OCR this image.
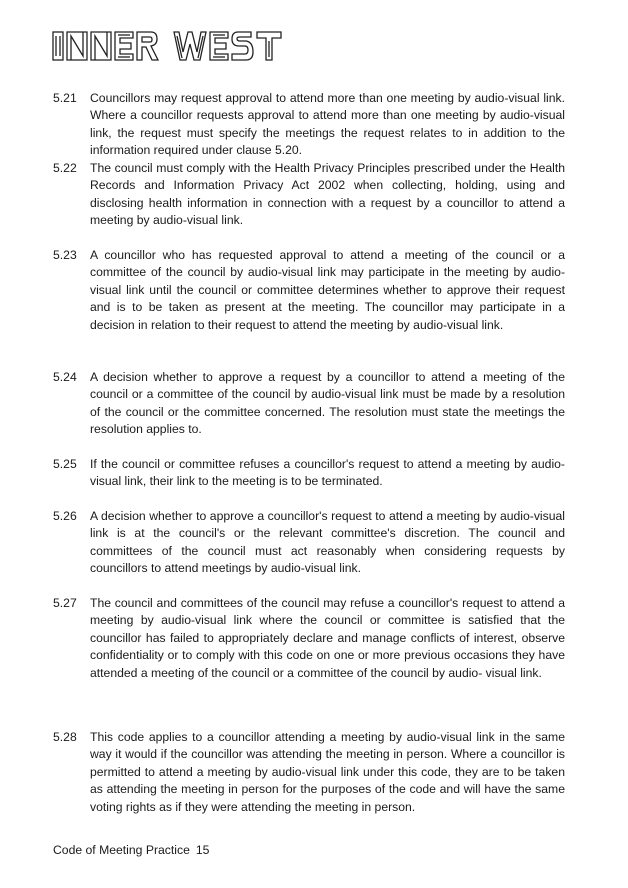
5.21	Councillors may request approval to attend more than one meeting by audio-visual link. Where a councillor requests approval to attend more than one meeting by audio-visual link, the request must specify the meetings the request relates to in addition to the information required under clause 5.20.
5.22	The council must comply with the Health Privacy Principles prescribed under the Health Records and Information Privacy Act 2002 when collecting, holding, using and disclosing health information in connection with a request by a councillor to attend a meeting by audio-visual link.
5.23	A councillor who has requested approval to attend a meeting of the council or a committee of the council by audio-visual link may participate in the meeting by audio-visual link until the council or committee determines whether to approve their request and is to be taken as present at the meeting. The councillor may participate in a decision in relation to their request to attend the meeting by audio-visual link.
5.24	A decision whether to approve a request by a councillor to attend a meeting of the council or a committee of the council by audio-visual link must be made by a resolution of the council or the committee concerned. The resolution must state the meetings the resolution applies to.
5.25	If the council or committee refuses a councillor's request to attend a meeting by audio-visual link, their link to the meeting is to be terminated.
5.26	A decision whether to approve a councillor's request to attend a meeting by audio-visual link is at the council's or the relevant committee's discretion. The council and committees of the council must act reasonably when considering requests by councillors to attend meetings by audio-visual link.
5.27	The council and committees of the council may refuse a councillor's request to attend a meeting by audio-visual link where the council or committee is satisfied that the councillor has failed to appropriately declare and manage conflicts of interest, observe confidentiality or to comply with this code on one or more previous occasions they have attended a meeting of the council or a committee of the council by audio- visual link.
5.28	This code applies to a councillor attending a meeting by audio-visual link in the same way it would if the councillor was attending the meeting in person. Where a councillor is permitted to attend a meeting by audio-visual link under this code, they are to be taken as attending the meeting in person for the purposes of the code and will have the same voting rights as if they were attending the meeting in person.
Code of Meeting Practice 15
